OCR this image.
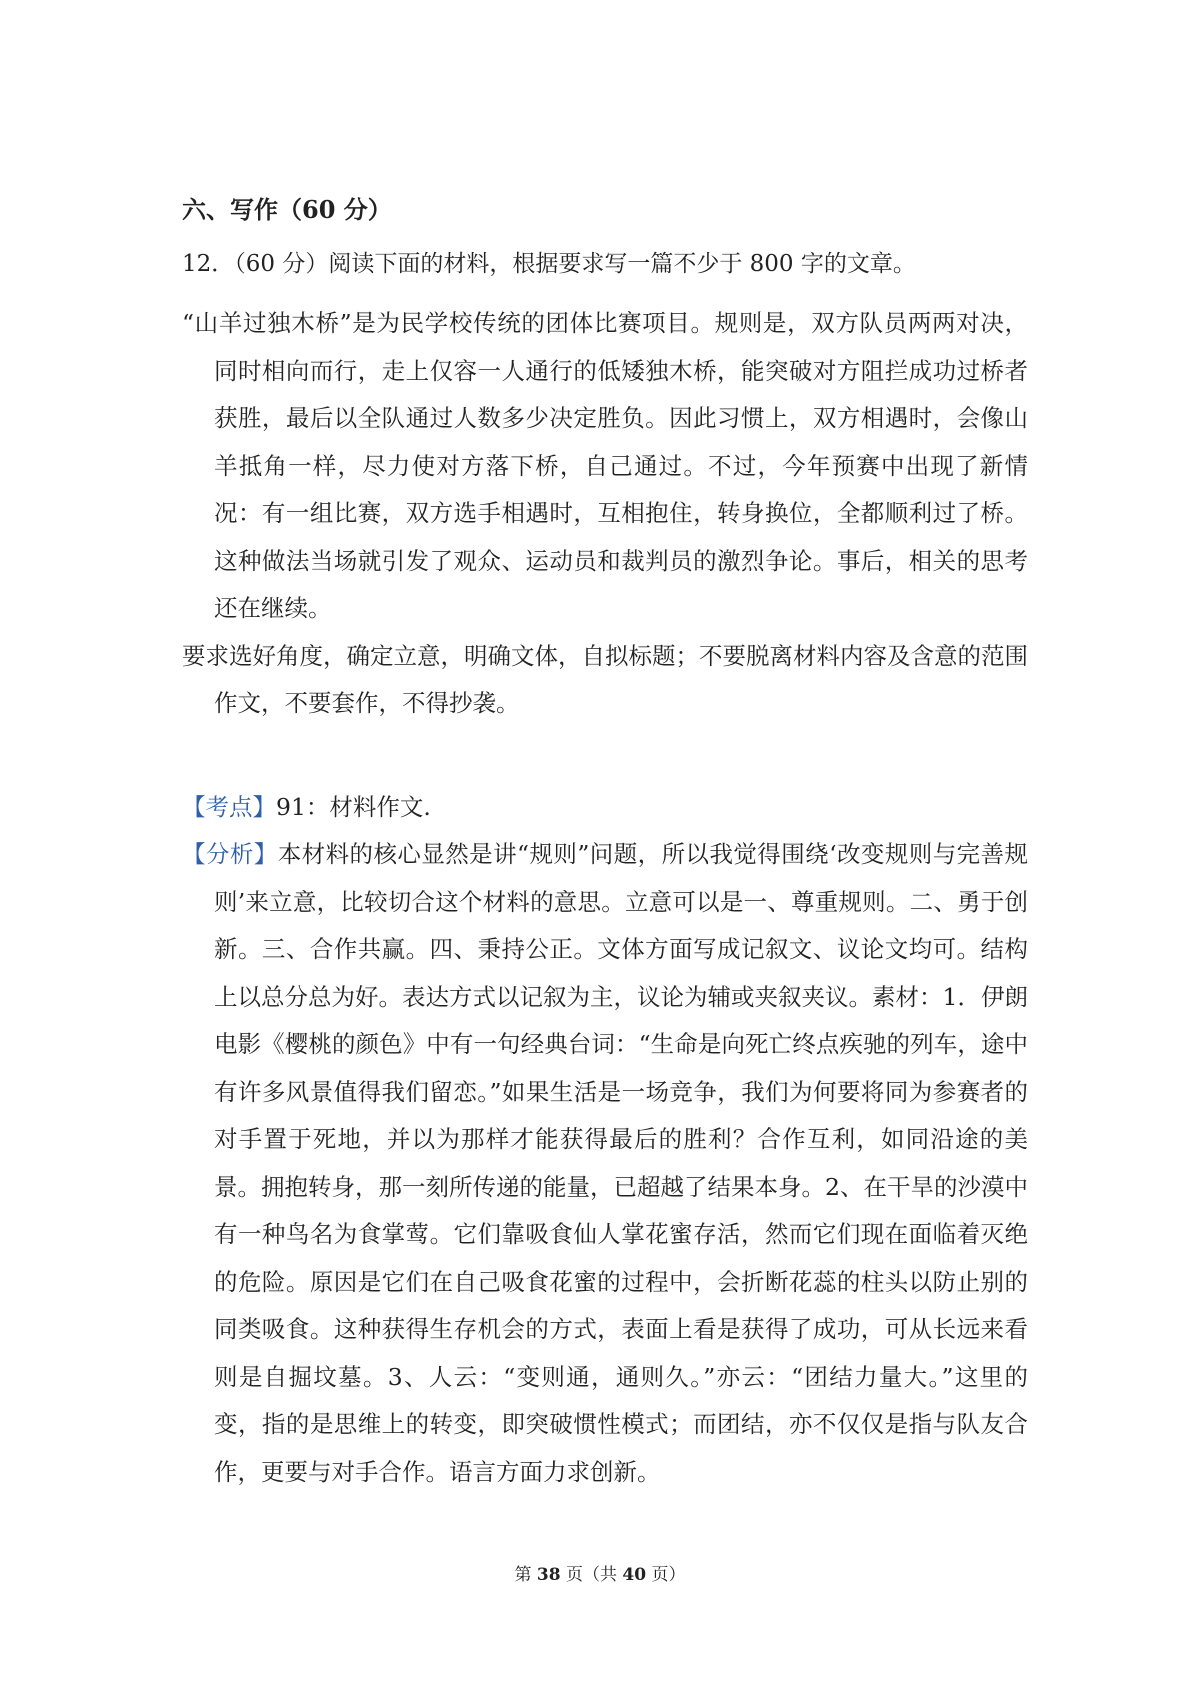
六、写作（60 分）
12．（60 分）阅读下面的材料，根据要求写一篇不少于 800 字的文章。

“山羊过独木桥”是为民学校传统的团体比赛项目。规则是，双方队员两两对决，同时相向而行，走上仅容一人通行的低矮独木桥，能突破对方阻拦成功过桥者获胜，最后以全队通过人数多少决定胜负。因此习惯上，双方相遇时，会像山羊抵角一样，尽力使对方落下桥，自己通过。不过，今年预赛中出现了新情况：有一组比赛，双方选手相遇时，互相抱住，转身换位，全都顺利过了桥。这种做法当场就引发了观众、运动员和裁判员的激烈争论。事后，相关的思考还在继续。

要求选好角度，确定立意，明确文体，自拟标题；不要脱离材料内容及含意的范围作文，不要套作，不得抄袭。

【考点】91：材料作文.

【分析】本材料的核心显然是讲“规则”问题，所以我觉得围绕‘改变规则与完善规则’来立意，比较切合这个材料的意思。立意可以是一、尊重规则。二、勇于创新。三、合作共赢。四、秉持公正。文体方面写成记叙文、议论文均可。结构上以总分总为好。表达方式以记叙为主，议论为辅或夹叙夹议。素材：1．伊朗电影《樱桃的颜色》中有一句经典台词：“生命是向死亡终点疾驰的列车，途中有许多风景值得我们留恋。”如果生活是一场竞争，我们为何要将同为参赛者的对手置于死地，并以为那样才能获得最后的胜利？合作互利，如同沿途的美景。拥抱转身，那一刻所传递的能量，已超越了结果本身。2、在干旱的沙漠中有一种鸟名为食掌莺。它们靠吸食仙人掌花蜜存活，然而它们现在面临着灭绝的危险。原因是它们在自己吸食花蜜的过程中，会折断花蕊的柱头以防止别的同类吸食。这种获得生存机会的方式，表面上看是获得了成功，可从长远来看则是自掘坟墓。3、人云：“变则通，通则久。”亦云：“团结力量大。”这里的变，指的是思维上的转变，即突破惯性模式；而团结，亦不仅仅是指与队友合作，更要与对手合作。语言方面力求创新。

第 38 页（共 40 页）
